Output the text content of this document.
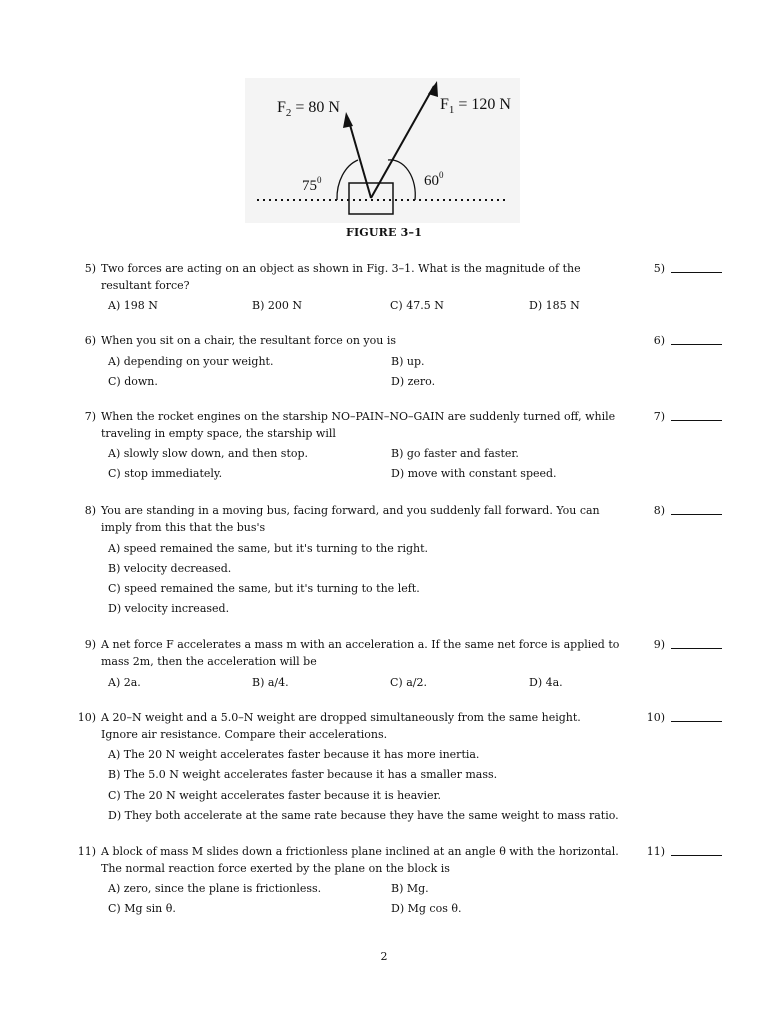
$F_2 = 80$ N	$F_1 = 120$ N
$75^0$	$60^0$
FIGURE 3–1
5) Two forces are acting on an object as shown in Fig. 3–1. What is the magnitude of the resultant force?
5)
A) 198 N	B) 200 N	C) 47.5 N	D) 185 N
6) When you sit on a chair, the resultant force on you is	6)
A) depending on your weight.	B) up.
C) down.	D) zero.
7) When the rocket engines on the starship NO–PAIN–NO–GAIN are suddenly turned off, while traveling in empty space, the starship will
7)
A) slowly slow down, and then stop.	B) go faster and faster.
C) stop immediately.	D) move with constant speed.
8) You are standing in a moving bus, facing forward, and you suddenly fall forward. You can imply from this that the bus's
8)
A) speed remained the same, but it's turning to the right.
B) velocity decreased.
C) speed remained the same, but it's turning to the left.
D) velocity increased.
9) A net force F accelerates a mass m with an acceleration a. If the same net force is applied to mass 2m, then the acceleration will be
9)
A) 2a.	B) a/4.	C) a/2.	D) 4a.
10) A 20–N weight and a 5.0–N weight are dropped simultaneously from the same height. Ignore air resistance. Compare their accelerations.
10)
A) The 20 N weight accelerates faster because it has more inertia.
B) The 5.0 N weight accelerates faster because it has a smaller mass.
C) The 20 N weight accelerates faster because it is heavier.
D) They both accelerate at the same rate because they have the same weight to mass ratio.
11) A block of mass M slides down a frictionless plane inclined at an angle θ with the horizontal. The normal reaction force exerted by the plane on the block is
11)
A) zero, since the plane is frictionless.	B) Mg.
C) Mg sin θ.	D) Mg cos θ.
2
